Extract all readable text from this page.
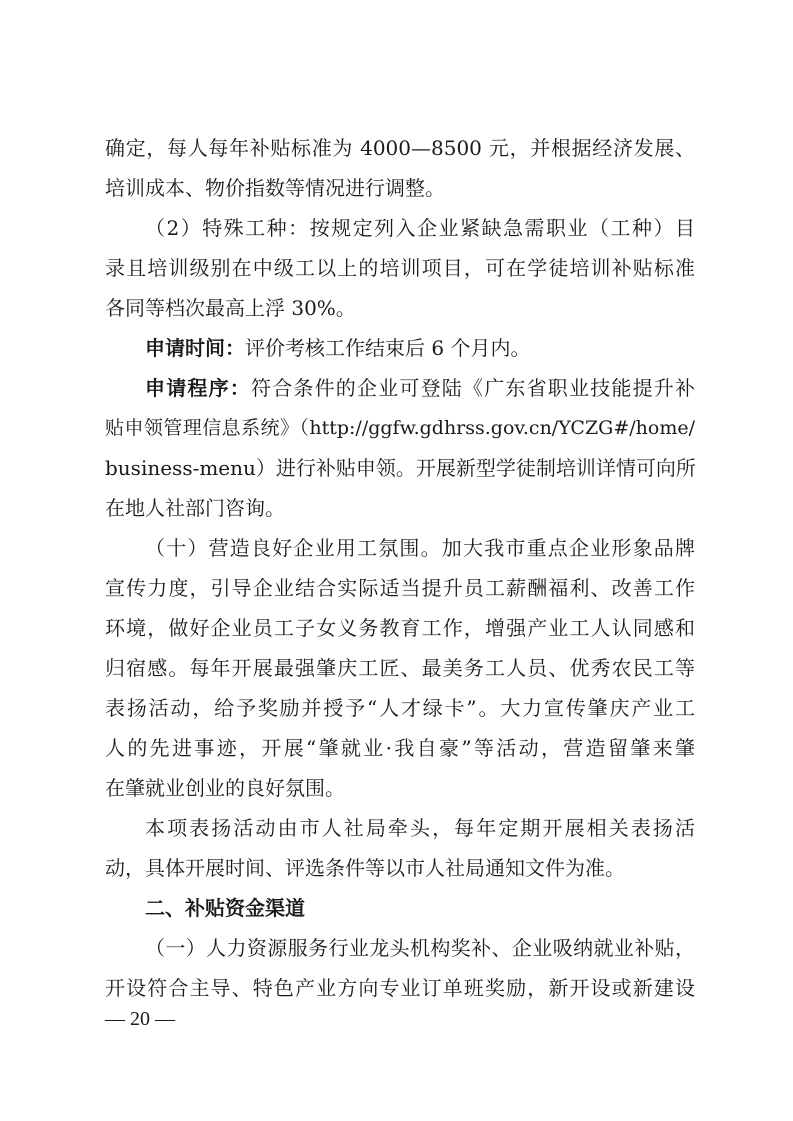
确定，每人每年补贴标准为 4000—8500 元，并根据经济发展、
培训成本、物价指数等情况进行调整。
（2）特殊工种：按规定列入企业紧缺急需职业（工种）目
录且培训级别在中级工以上的培训项目，可在学徒培训补贴标准
各同等档次最高上浮 30%。
申请时间：评价考核工作结束后 6 个月内。
申请程序：符合条件的企业可登陆《广东省职业技能提升补
贴申领管理信息系统》（http://ggfw.gdhrss.gov.cn/YCZG#/home/
business-menu）进行补贴申领。开展新型学徒制培训详情可向所
在地人社部门咨询。
（十）营造良好企业用工氛围。加大我市重点企业形象品牌
宣传力度，引导企业结合实际适当提升员工薪酬福利、改善工作
环境，做好企业员工子女义务教育工作，增强产业工人认同感和
归宿感。每年开展最强肇庆工匠、最美务工人员、优秀农民工等
表扬活动，给予奖励并授予“人才绿卡”。大力宣传肇庆产业工
人的先进事迹，开展“肇就业·我自豪”等活动，营造留肇来肇
在肇就业创业的良好氛围。
本项表扬活动由市人社局牵头，每年定期开展相关表扬活
动，具体开展时间、评选条件等以市人社局通知文件为准。
二、补贴资金渠道
（一）人力资源服务行业龙头机构奖补、企业吸纳就业补贴，
开设符合主导、特色产业方向专业订单班奖励，新开设或新建设
— 20 —
